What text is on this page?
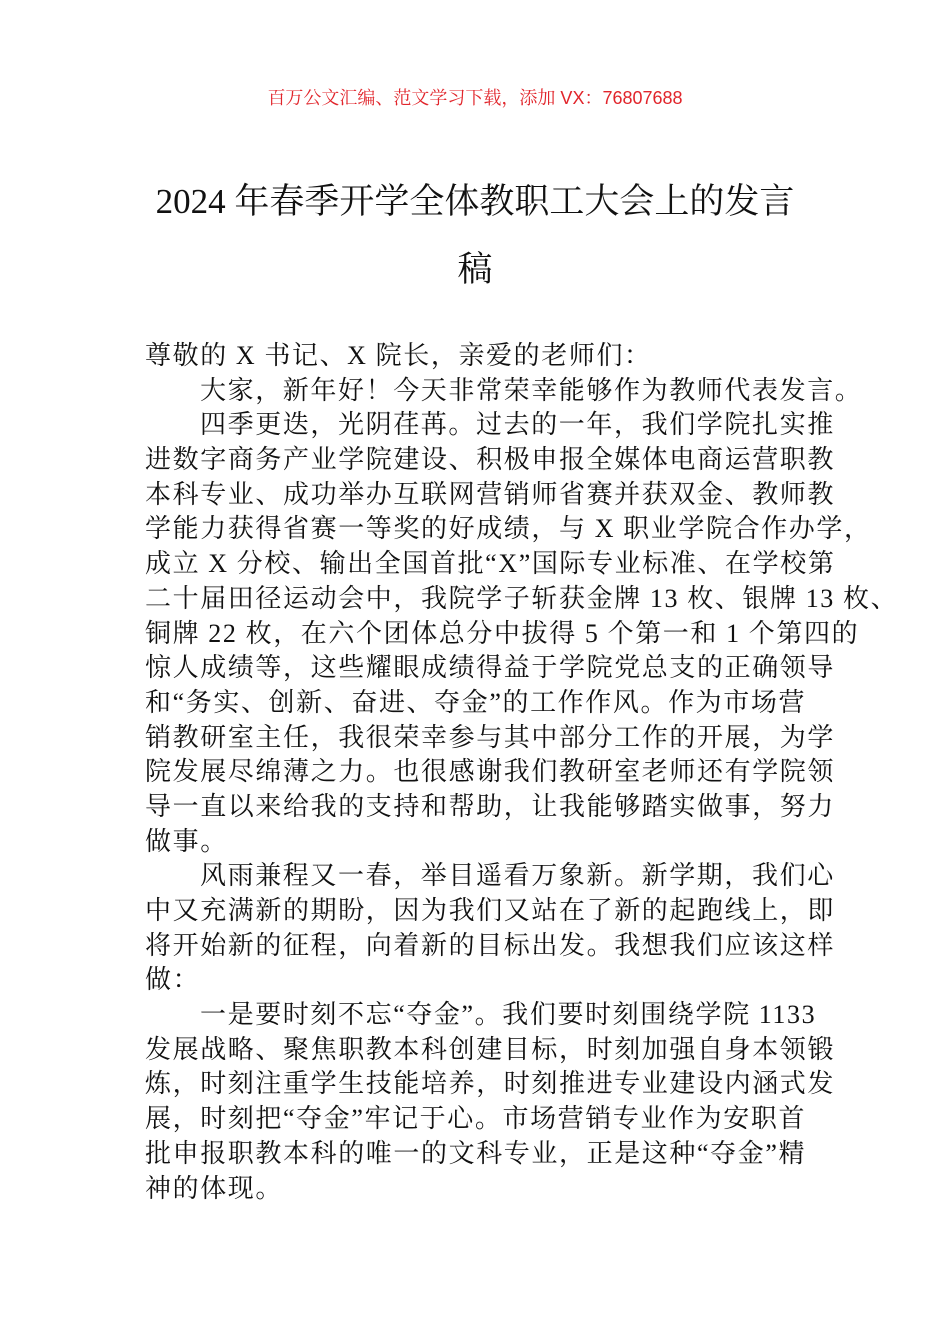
百万公文汇编、范文学习下载，添加 VX：76807688
2024 年春季开学全体教职工大会上的发言
稿
尊敬的 X 书记、X 院长，亲爱的老师们：
大家，新年好！今天非常荣幸能够作为教师代表发言。
四季更迭，光阴荏苒。过去的一年，我们学院扎实推
进数字商务产业学院建设、积极申报全媒体电商运营职教
本科专业、成功举办互联网营销师省赛并获双金、教师教
学能力获得省赛一等奖的好成绩，与 X 职业学院合作办学，
成立 X 分校、输出全国首批“X”国际专业标准、在学校第
二十届田径运动会中，我院学子斩获金牌 13 枚、银牌 13 枚、
铜牌 22 枚，在六个团体总分中拔得 5 个第一和 1 个第四的
惊人成绩等，这些耀眼成绩得益于学院党总支的正确领导
和“务实、创新、奋进、夺金”的工作作风。作为市场营
销教研室主任，我很荣幸参与其中部分工作的开展，为学
院发展尽绵薄之力。也很感谢我们教研室老师还有学院领
导一直以来给我的支持和帮助，让我能够踏实做事，努力
做事。
风雨兼程又一春，举目遥看万象新。新学期，我们心
中又充满新的期盼，因为我们又站在了新的起跑线上，即
将开始新的征程，向着新的目标出发。我想我们应该这样
做：
一是要时刻不忘“夺金”。我们要时刻围绕学院 1133
发展战略、聚焦职教本科创建目标，时刻加强自身本领锻
炼，时刻注重学生技能培养，时刻推进专业建设内涵式发
展，时刻把“夺金”牢记于心。市场营销专业作为安职首
批申报职教本科的唯一的文科专业，正是这种“夺金”精
神的体现。
